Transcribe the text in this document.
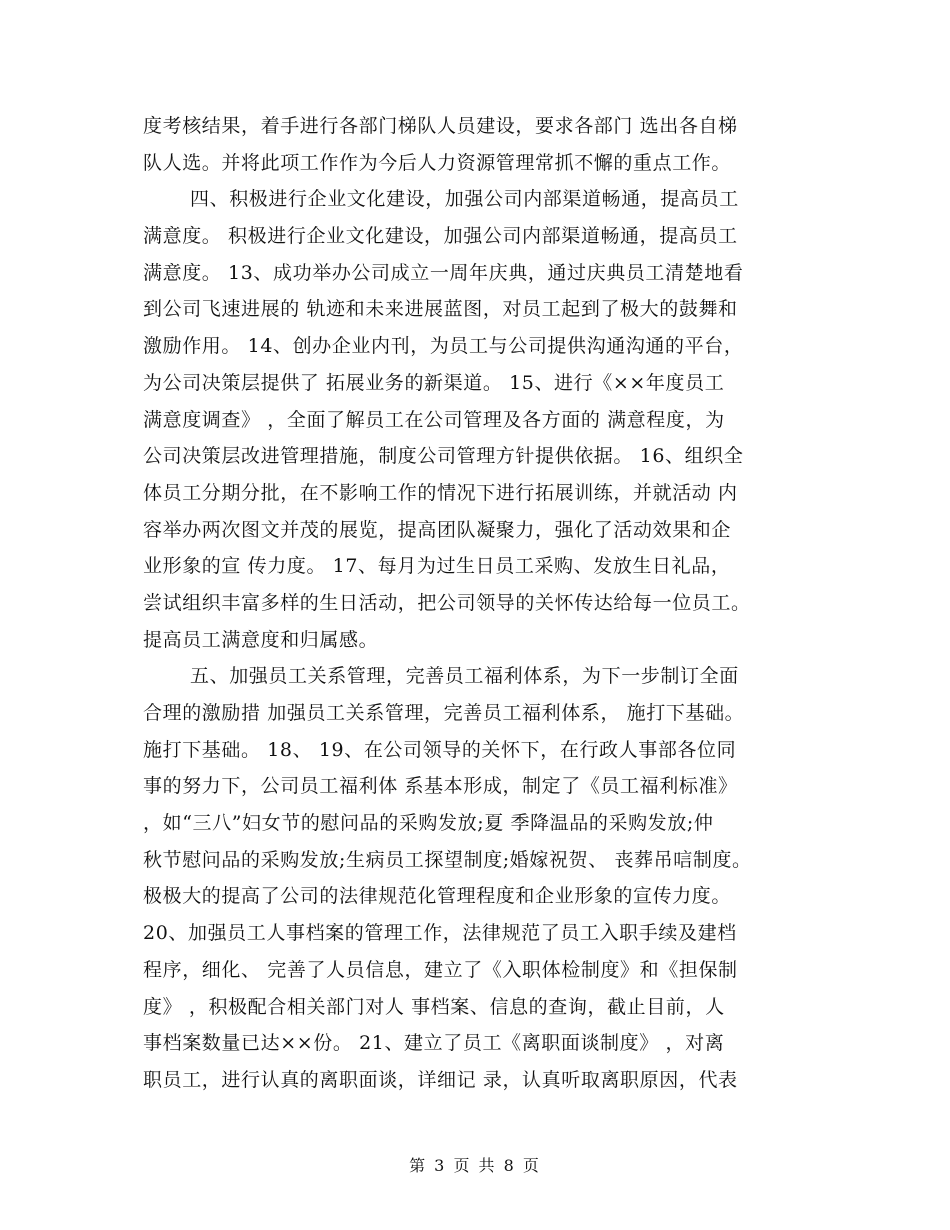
度考核结果，着手进行各部门梯队人员建设，要求各部门 选出各自梯
队人选。并将此项工作作为今后人力资源管理常抓不懈的重点工作。
四、积极进行企业文化建设，加强公司内部渠道畅通，提高员工
满意度。 积极进行企业文化建设，加强公司内部渠道畅通，提高员工
满意度。 13、成功举办公司成立一周年庆典，通过庆典员工清楚地看
到公司飞速进展的 轨迹和未来进展蓝图，对员工起到了极大的鼓舞和
激励作用。 14、创办企业内刊，为员工与公司提供沟通沟通的平台，
为公司决策层提供了 拓展业务的新渠道。 15、进行《××年度员工
满意度调查》 ，全面了解员工在公司管理及各方面的 满意程度，为
公司决策层改进管理措施，制度公司管理方针提供依据。 16、组织全
体员工分期分批，在不影响工作的情况下进行拓展训练，并就活动 内
容举办两次图文并茂的展览，提高团队凝聚力，强化了活动效果和企
业形象的宣 传力度。 17、每月为过生日员工采购、发放生日礼品，
尝试组织丰富多样的生日活动，把公司领导的关怀传达给每一位员工。
提高员工满意度和归属感。
五、加强员工关系管理，完善员工福利体系，为下一步制订全面
合理的激励措 加强员工关系管理，完善员工福利体系， 施打下基础。
施打下基础。 18、 19、在公司领导的关怀下，在行政人事部各位同
事的努力下，公司员工福利体 系基本形成，制定了《员工福利标准》
，如“三八”妇女节的慰问品的采购发放;夏 季降温品的采购发放;仲
秋节慰问品的采购发放;生病员工探望制度;婚嫁祝贺、 丧葬吊唁制度。
极极大的提高了公司的法律规范化管理程度和企业形象的宣传力度。
20、加强员工人事档案的管理工作，法律规范了员工入职手续及建档
程序，细化、 完善了人员信息，建立了《入职体检制度》和《担保制
度》 ，积极配合相关部门对人 事档案、信息的查询，截止目前，人
事档案数量已达××份。 21、建立了员工《离职面谈制度》 ，对离
职员工，进行认真的离职面谈，详细记 录，认真听取离职原因，代表
第 3 页 共 8 页
